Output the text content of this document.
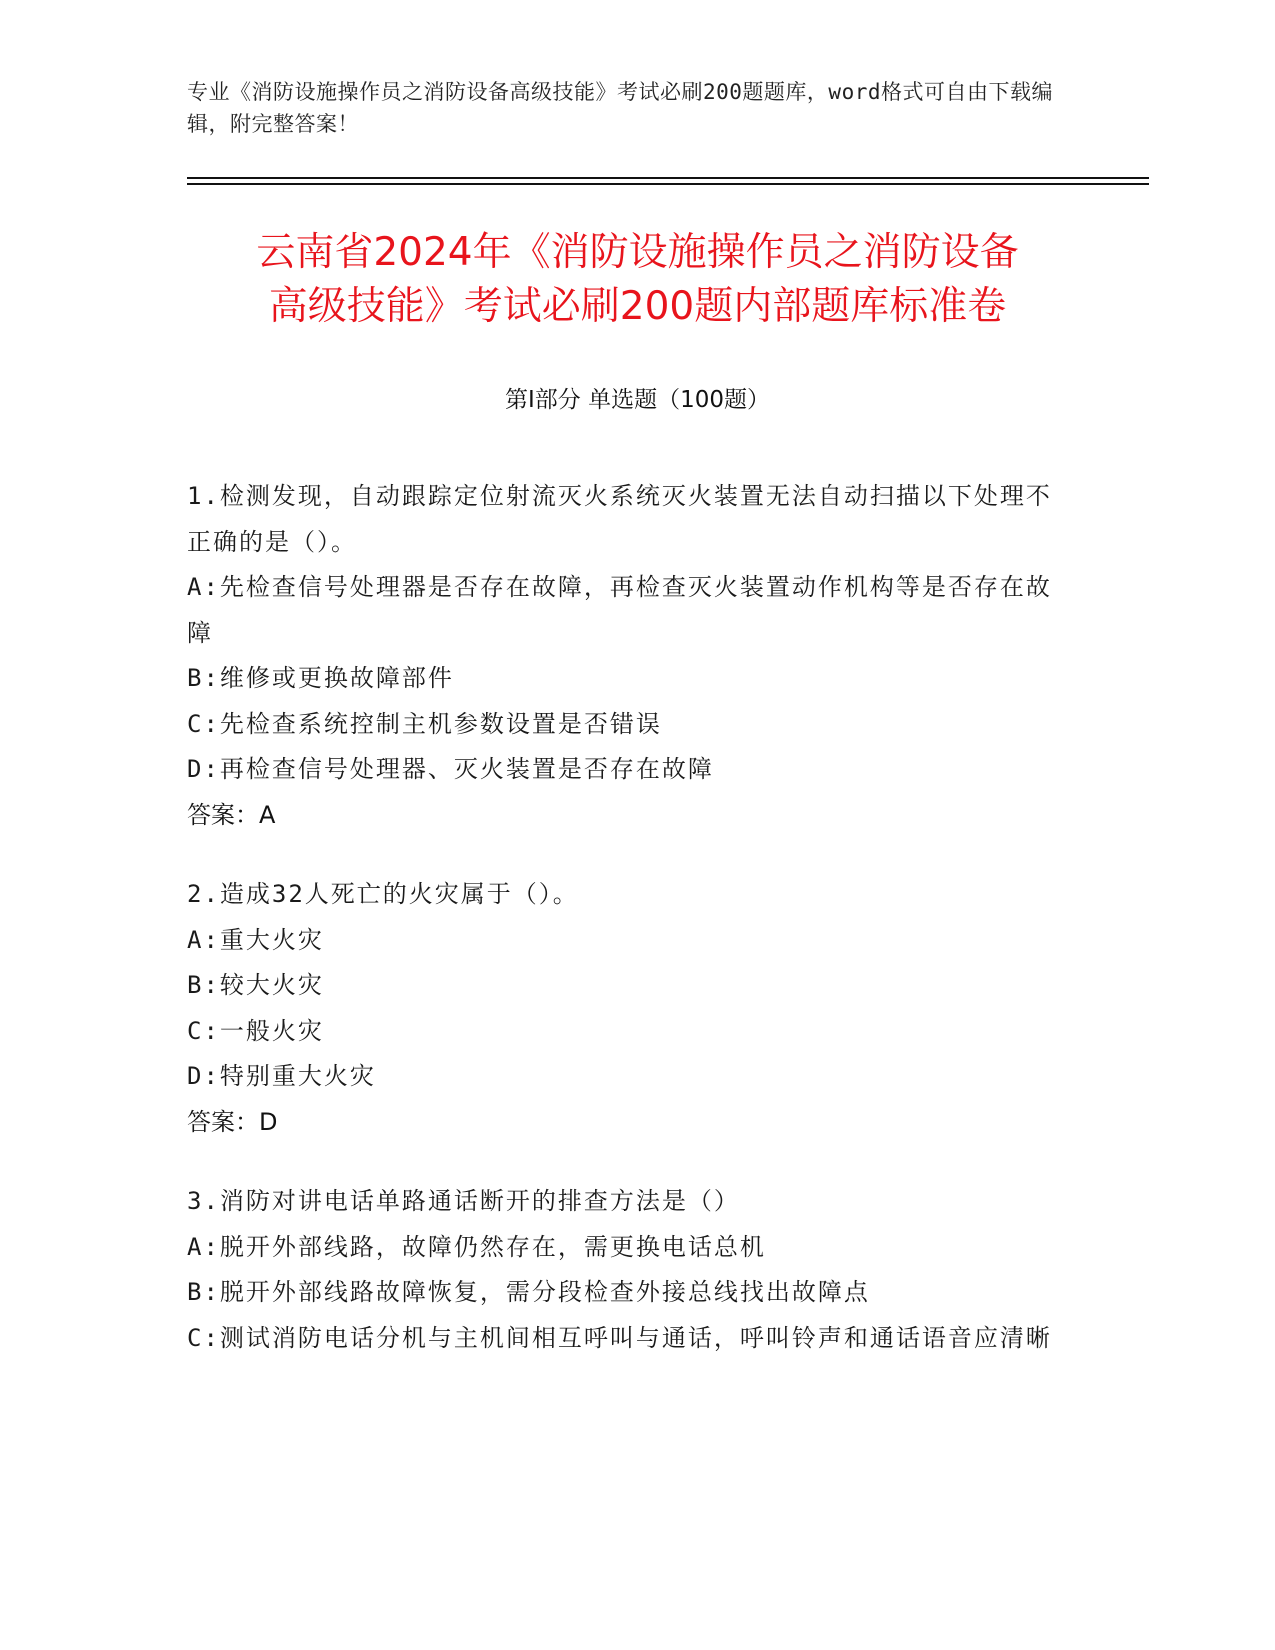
专业《消防设施操作员之消防设备高级技能》考试必刷200题题库，word格式可自由下载编辑，附完整答案！
云南省2024年《消防设施操作员之消防设备
高级技能》考试必刷200题内部题库标准卷
第Ⅰ部分 单选题（100题）

1.检测发现，自动跟踪定位射流灭火系统灭火装置无法自动扫描以下处理不正确的是（）。

A:先检查信号处理器是否存在故障，再检查灭火装置动作机构等是否存在故障

B:维修或更换故障部件

C:先检查系统控制主机参数设置是否错误

D:再检查信号处理器、灭火装置是否存在故障

答案：A

2.造成32人死亡的火灾属于（）。

A:重大火灾

B:较大火灾

C:一般火灾

D:特别重大火灾

答案：D

3.消防对讲电话单路通话断开的排查方法是（）

A:脱开外部线路，故障仍然存在，需更换电话总机

B:脱开外部线路故障恢复，需分段检查外接总线找出故障点

C:测试消防电话分机与主机间相互呼叫与通话，呼叫铃声和通话语音应清晰
